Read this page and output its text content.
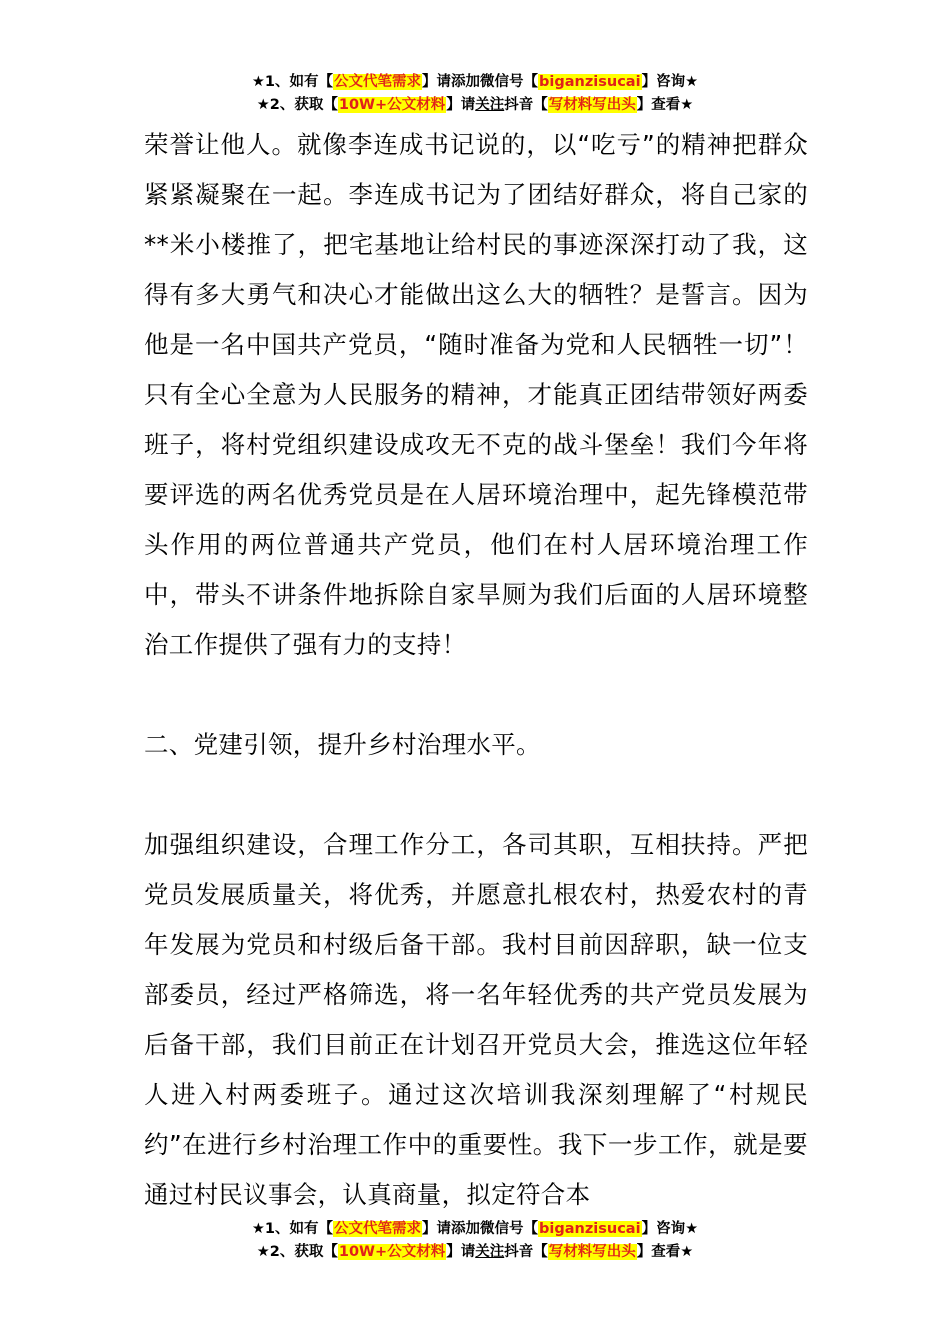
★1、如有【公文代笔需求】请添加微信号【biganzisucai】咨询★
★2、获取【10W+公文材料】请关注抖音【写材料写出头】查看★

荣誉让他人。就像李连成书记说的，以“吃亏”的精神把群众紧紧凝聚在一起。李连成书记为了团结好群众，将自己家的**米小楼推了，把宅基地让给村民的事迹深深打动了我，这得有多大勇气和决心才能做出这么大的牺牲？是誓言。因为他是一名中国共产党员，“随时准备为党和人民牺牲一切”！只有全心全意为人民服务的精神，才能真正团结带领好两委班子，将村党组织建设成攻无不克的战斗堡垒！我们今年将要评选的两名优秀党员是在人居环境治理中，起先锋模范带头作用的两位普通共产党员，他们在村人居环境治理工作中，带头不讲条件地拆除自家旱厕为我们后面的人居环境整治工作提供了强有力的支持！

二、党建引领，提升乡村治理水平。

加强组织建设，合理工作分工，各司其职，互相扶持。严把党员发展质量关，将优秀，并愿意扎根农村，热爱农村的青年发展为党员和村级后备干部。我村目前因辞职，缺一位支部委员，经过严格筛选，将一名年轻优秀的共产党员发展为后备干部，我们目前正在计划召开党员大会，推选这位年轻人进入村两委班子。通过这次培训我深刻理解了“村规民约”在进行乡村治理工作中的重要性。我下一步工作，就是要通过村民议事会，认真商量，拟定符合本

★1、如有【公文代笔需求】请添加微信号【biganzisucai】咨询★
★2、获取【10W+公文材料】请关注抖音【写材料写出头】查看★
